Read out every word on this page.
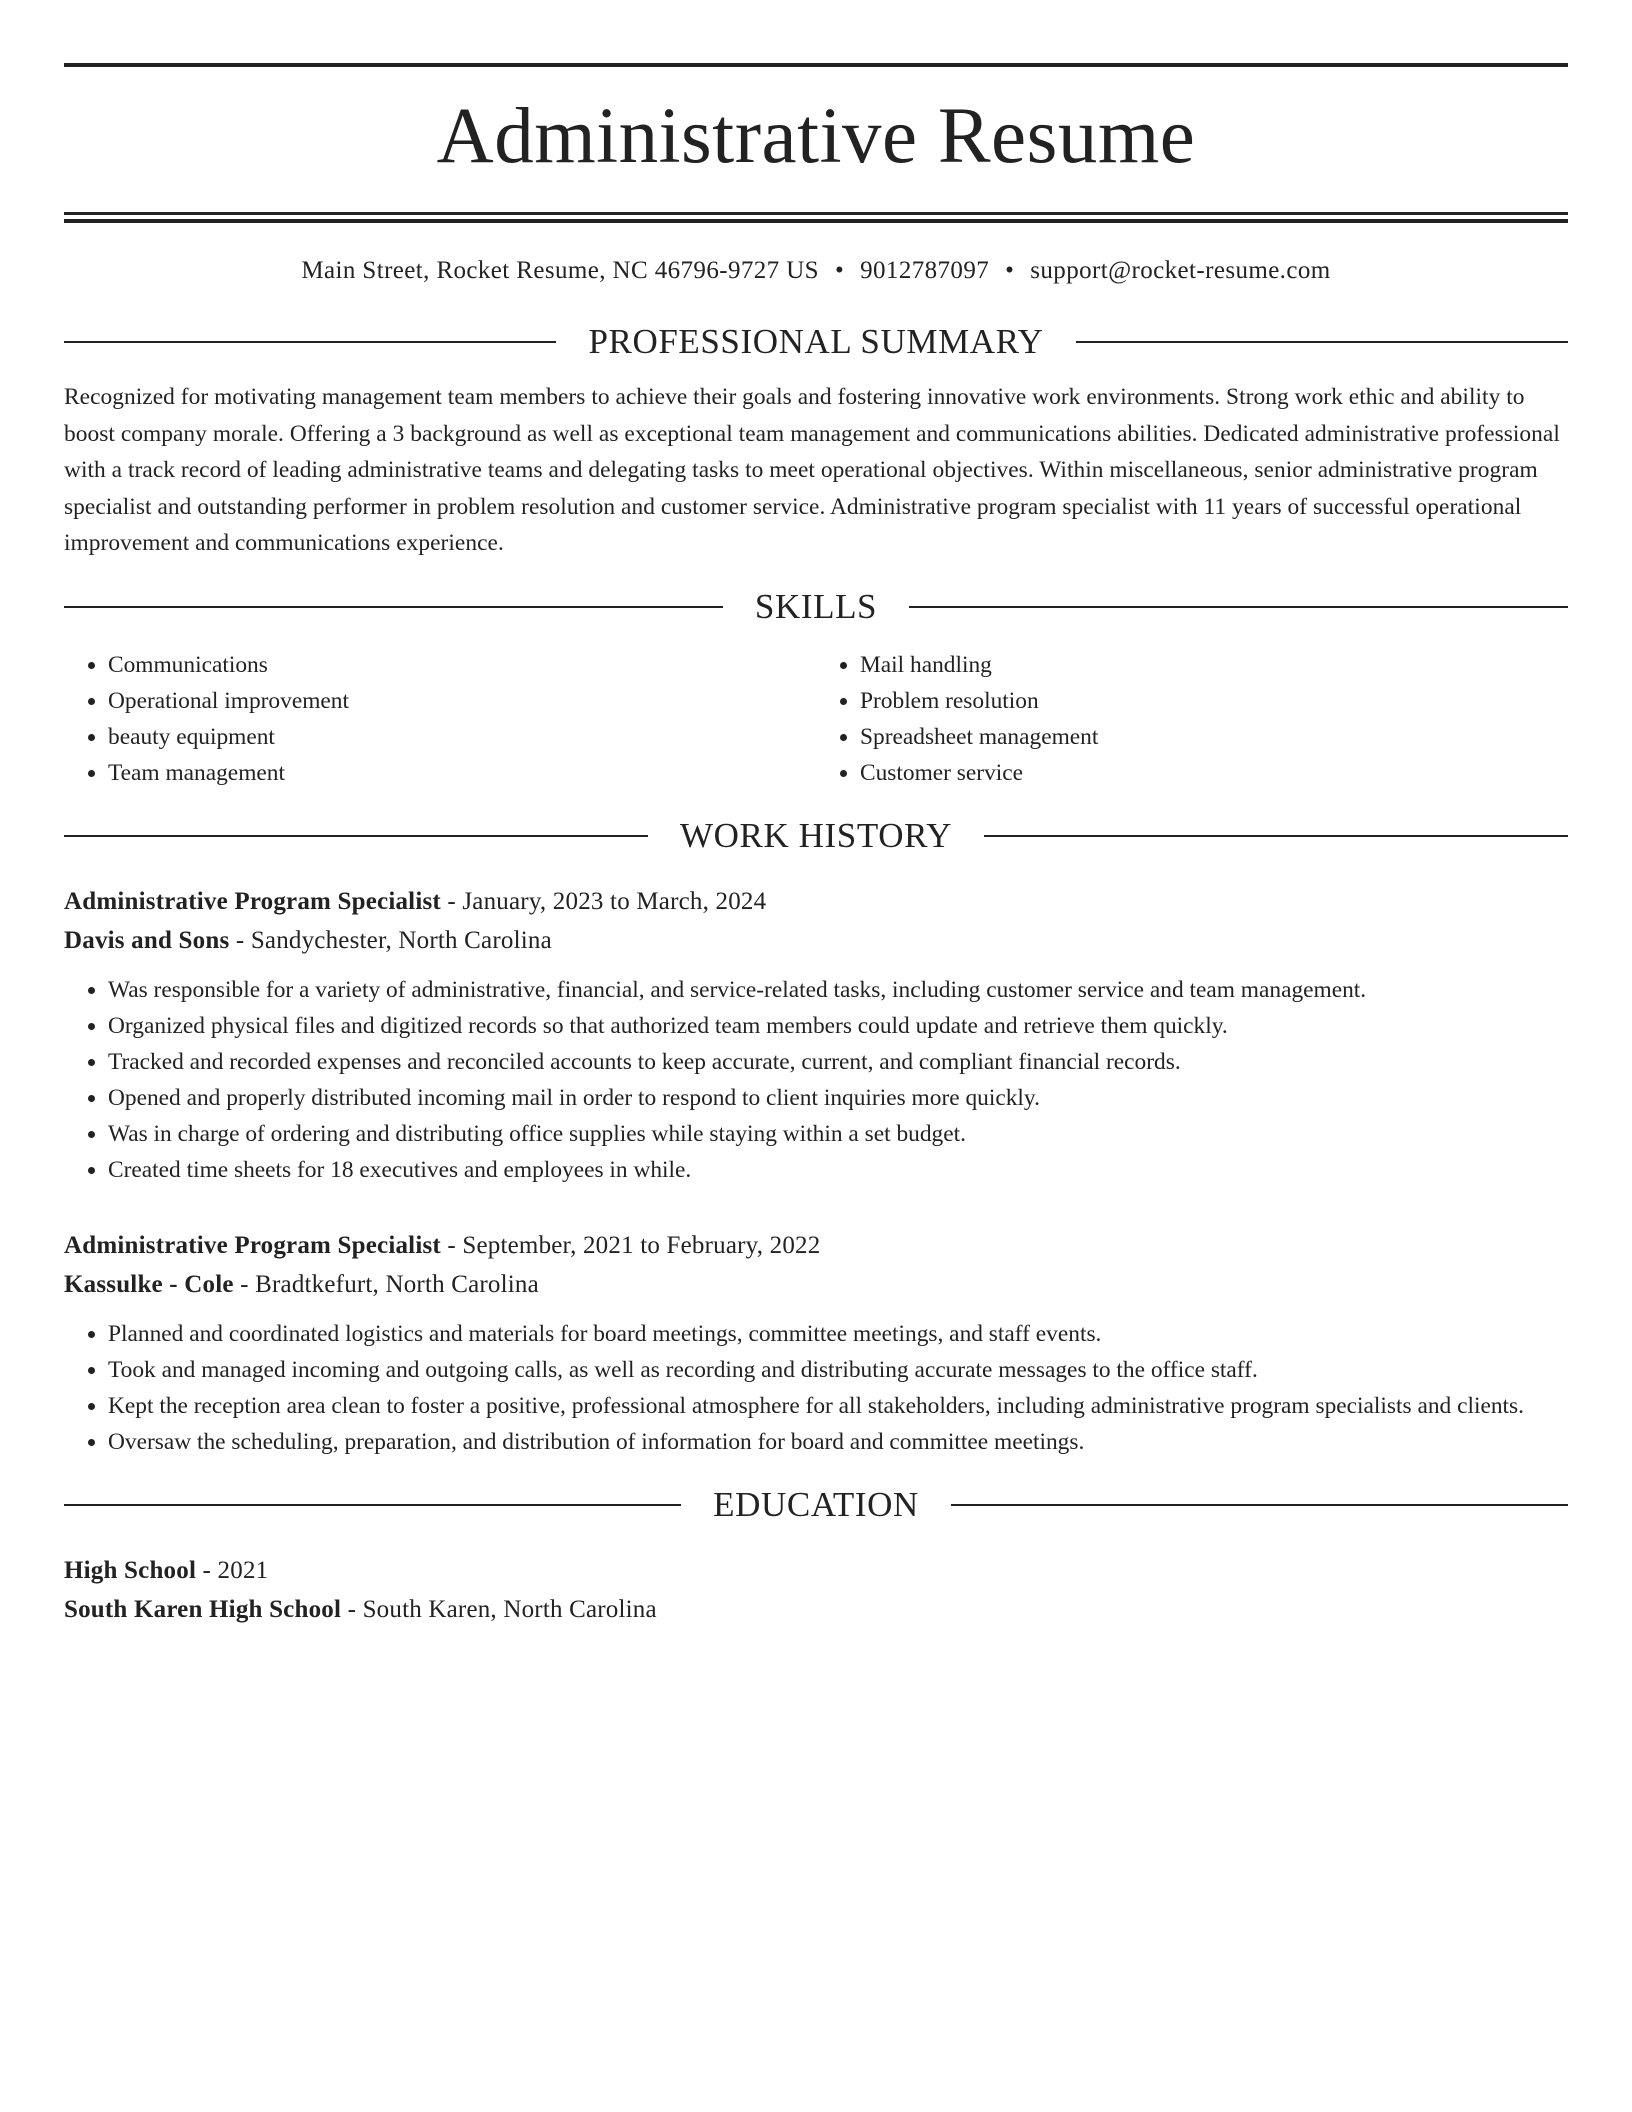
Administrative Resume
Main Street, Rocket Resume, NC 46796-9727 US • 9012787097 • support@rocket-resume.com
PROFESSIONAL SUMMARY
Recognized for motivating management team members to achieve their goals and fostering innovative work environments. Strong work ethic and ability to boost company morale. Offering a 3 background as well as exceptional team management and communications abilities. Dedicated administrative professional with a track record of leading administrative teams and delegating tasks to meet operational objectives. Within miscellaneous, senior administrative program specialist and outstanding performer in problem resolution and customer service. Administrative program specialist with 11 years of successful operational improvement and communications experience.
SKILLS
• Communications
• Operational improvement
• beauty equipment
• Team management
• Mail handling
• Problem resolution
• Spreadsheet management
• Customer service
WORK HISTORY
Administrative Program Specialist - January, 2023 to March, 2024
Davis and Sons - Sandychester, North Carolina
• Was responsible for a variety of administrative, financial, and service-related tasks, including customer service and team management.
• Organized physical files and digitized records so that authorized team members could update and retrieve them quickly.
• Tracked and recorded expenses and reconciled accounts to keep accurate, current, and compliant financial records.
• Opened and properly distributed incoming mail in order to respond to client inquiries more quickly.
• Was in charge of ordering and distributing office supplies while staying within a set budget.
• Created time sheets for 18 executives and employees in while.
Administrative Program Specialist - September, 2021 to February, 2022
Kassulke - Cole - Bradtkefurt, North Carolina
• Planned and coordinated logistics and materials for board meetings, committee meetings, and staff events.
• Took and managed incoming and outgoing calls, as well as recording and distributing accurate messages to the office staff.
• Kept the reception area clean to foster a positive, professional atmosphere for all stakeholders, including administrative program specialists and clients.
• Oversaw the scheduling, preparation, and distribution of information for board and committee meetings.
EDUCATION
High School - 2021
South Karen High School - South Karen, North Carolina
